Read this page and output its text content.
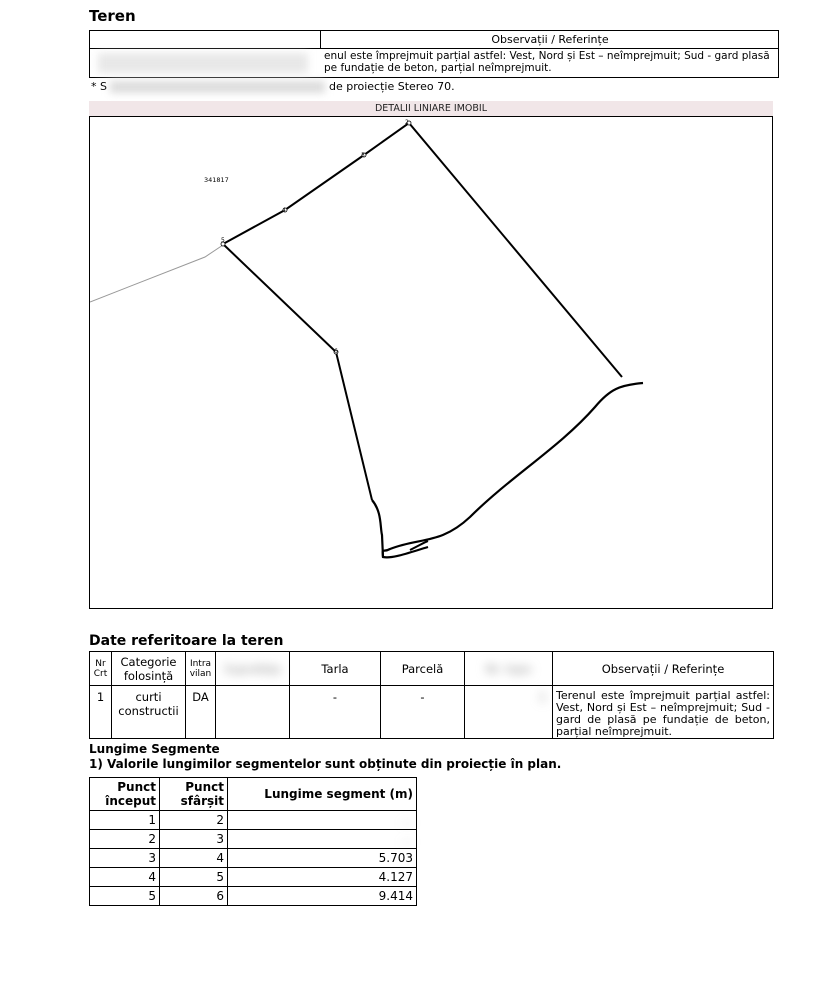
Teren
Observații / Referințe
enul este împrejmuit parțial astfel: Vest, Nord și Est – neîmprejmuit; Sud - gard plasă pe fundație de beton, parțial neîmprejmuit.
* S	de proiecție Stereo 70.
DETALII LINIARE IMOBIL
2
3
4
5
6
341817
Date referitoare la teren
Nr Crt	Categorie folosință	Intra vilan	Suprafața	Tarla	Parcelă	Nr. topo	Observații / Referințe
1	curti constructii	DA		-	-	1	Terenul este împrejmuit parțial astfel: Vest, Nord și Est – neîmprejmuit; Sud - gard de plasă pe fundație de beton, parțial neîmprejmuit.
Lungime Segmente
1) Valorile lungimilor segmentelor sunt obținute din proiecție în plan.
Punct început	Punct sfârșit	Lungime segment (m)
1	2	...
2	3	...
3	4	5.703
4	5	4.127
5	6	9.414
